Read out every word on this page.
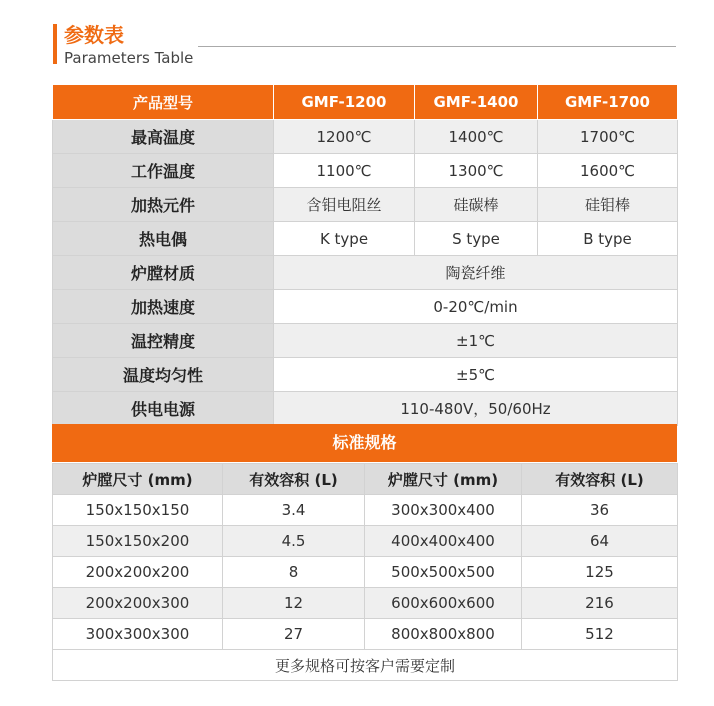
参数表
Parameters Table
产品型号	GMF-1200	GMF-1400	GMF-1700
最高温度	1200℃	1400℃	1700℃
工作温度	1100℃	1300℃	1600℃
加热元件	含钼电阻丝	硅碳棒	硅钼棒
热电偶	K type	S type	B type
炉膛材质	陶瓷纤维		
加热速度	0-20℃/min		
温控精度	±1℃		
温度均匀性	±5℃		
供电电源	110-480V，50/60Hz		
标准规格
炉膛尺寸 (mm)	有效容积 (L)	炉膛尺寸 (mm)	有效容积 (L)
150x150x150	3.4	300x300x400	36
150x150x200	4.5	400x400x400	64
200x200x200	8	500x500x500	125
200x200x300	12	600x600x600	216
300x300x300	27	800x800x800	512
更多规格可按客户需要定制			
